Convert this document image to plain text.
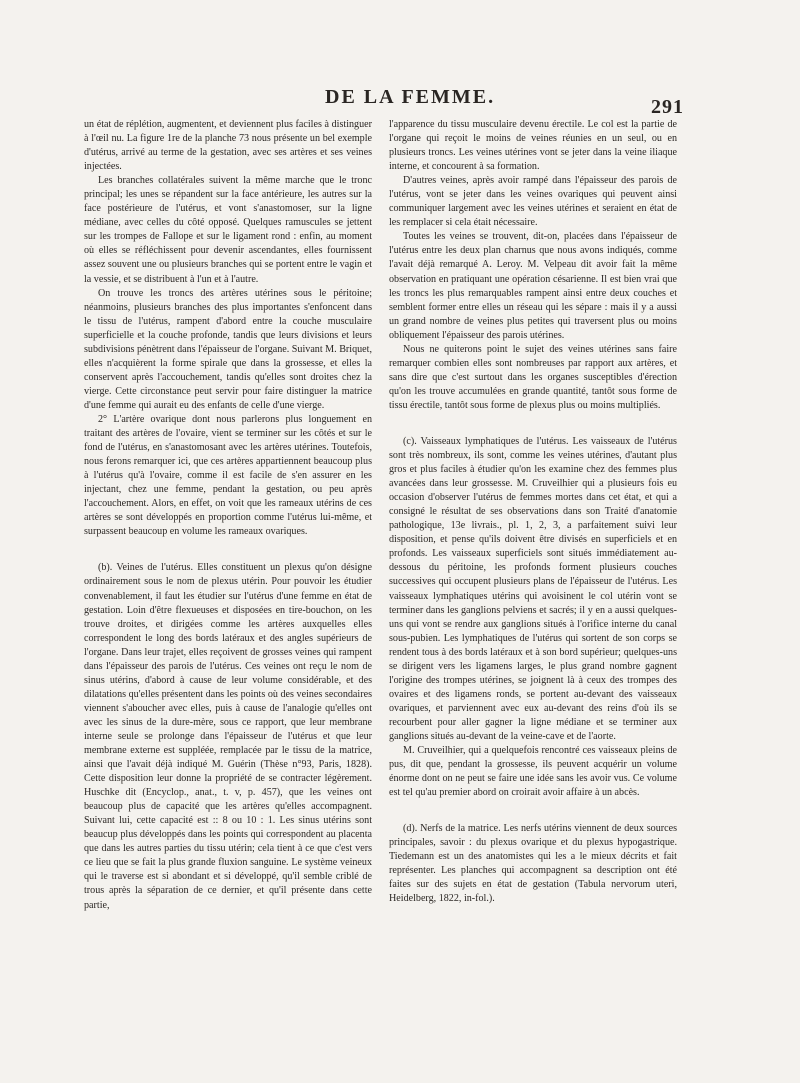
DE LA FEMME.	291

un état de réplétion, augmentent, et deviennent plus faciles à distinguer à l'œil nu. La figure 1re de la planche 73 nous présente un bel exemple d'utérus, arrivé au terme de la gestation, avec ses artères et ses veines injectées.

Les branches collatérales suivent la même marche que le tronc principal; les unes se répandent sur la face antérieure, les autres sur la face postérieure de l'utérus, et vont s'anastomoser, sur la ligne médiane, avec celles du côté opposé. Quelques ramuscules se jettent sur les trompes de Fallope et sur le ligament rond : enfin, au moment où elles se réfléchissent pour devenir ascendantes, elles fournissent assez souvent une ou plusieurs branches qui se portent entre le vagin et la vessie, et se distribuent à l'un et à l'autre.

On trouve les troncs des artères utérines sous le péritoine; néanmoins, plusieurs branches des plus importantes s'enfoncent dans le tissu de l'utérus, rampent d'abord entre la couche musculaire superficielle et la couche profonde, tandis que leurs divisions et leurs subdivisions pénètrent dans l'épaisseur de l'organe. Suivant M. Briquet, elles n'acquièrent la forme spirale que dans la grossesse, et elles la conservent après l'accouchement, tandis qu'elles sont droites chez la vierge. Cette circonstance peut servir pour faire distinguer la matrice d'une femme qui aurait eu des enfants de celle d'une vierge.

2° L'artère ovarique dont nous parlerons plus longuement en traitant des artères de l'ovaire, vient se terminer sur les côtés et sur le fond de l'utérus, en s'anastomosant avec les artères utérines. Toutefois, nous ferons remarquer ici, que ces artères appartiennent beaucoup plus à l'utérus qu'à l'ovaire, comme il est facile de s'en assurer en les injectant, chez une femme, pendant la gestation, ou peu après l'accouchement. Alors, en effet, on voit que les rameaux utérins de ces artères se sont développés en proportion comme l'utérus lui-même, et surpassent beaucoup en volume les rameaux ovariques.

(b). Veines de l'utérus. Elles constituent un plexus qu'on désigne ordinairement sous le nom de plexus utérin. Pour pouvoir les étudier convenablement, il faut les étudier sur l'utérus d'une femme en état de gestation. Loin d'être flexueuses et disposées en tire-bouchon, on les trouve droites, et dirigées comme les artères auxquelles elles correspondent le long des bords latéraux et des angles supérieurs de l'organe. Dans leur trajet, elles reçoivent de grosses veines qui rampent dans l'épaisseur des parois de l'utérus. Ces veines ont reçu le nom de sinus utérins, d'abord à cause de leur volume considérable, et des dilatations qu'elles présentent dans les points où des veines secondaires viennent s'aboucher avec elles, puis à cause de l'analogie qu'elles ont avec les sinus de la dure-mère, sous ce rapport, que leur membrane interne seule se prolonge dans l'épaisseur de l'utérus et que leur membrane externe est suppléée, remplacée par le tissu de la matrice, ainsi que l'avait déjà indiqué M. Guérin (Thèse n°93, Paris, 1828). Cette disposition leur donne la propriété de se contracter légèrement. Huschke dit (Encyclop., anat., t. v, p. 457), que les veines ont beaucoup plus de capacité que les artères qu'elles accompagnent. Suivant lui, cette capacité est :: 8 ou 10 : 1. Les sinus utérins sont beaucup plus développés dans les points qui correspondent au placenta que dans les autres parties du tissu utérin; cela tient à ce que c'est vers ce lieu que se fait la plus grande fluxion sanguine. Le système veineux qui le traverse est si abondant et si développé, qu'il semble criblé de trous après la séparation de ce dernier, et qu'il présente dans cette partie,

l'apparence du tissu musculaire devenu érectile. Le col est la partie de l'organe qui reçoit le moins de veines réunies en un seul, ou en plusieurs troncs. Les veines utérines vont se jeter dans la veine iliaque interne, et concourent à sa formation.

D'autres veines, après avoir rampé dans l'épaisseur des parois de l'utérus, vont se jeter dans les veines ovariques qui peuvent ainsi communiquer largement avec les veines utérines et seraient en état de les remplacer si cela était nécessaire.

Toutes les veines se trouvent, dit-on, placées dans l'épaisseur de l'utérus entre les deux plan charnus que nous avons indiqués, comme l'avait déjà remarqué A. Leroy. M. Velpeau dit avoir fait la même observation en pratiquant une opération césarienne. Il est bien vrai que les troncs les plus remarquables rampent ainsi entre deux couches et semblent former entre elles un réseau qui les sépare : mais il y a aussi un grand nombre de veines plus petites qui traversent plus ou moins obliquement l'épaisseur des parois utérines.

Nous ne quiterons point le sujet des veines utérines sans faire remarquer combien elles sont nombreuses par rapport aux artères, et sans dire que c'est surtout dans les organes susceptibles d'érection qu'on les trouve accumulées en grande quantité, tantôt sous forme de tissu érectile, tantôt sous forme de plexus plus ou moins multipliés.

(c). Vaisseaux lymphatiques de l'utérus. Les vaisseaux de l'utérus sont très nombreux, ils sont, comme les veines utérines, d'autant plus gros et plus faciles à étudier qu'on les examine chez des femmes plus avancées dans leur grossesse. M. Cruveilhier qui a plusieurs fois eu occasion d'observer l'utérus de femmes mortes dans cet état, et qui a consigné le résultat de ses observations dans son Traité d'anatomie pathologique, 13e livrais., pl. 1, 2, 3, a parfaitement suivi leur disposition, et pense qu'ils doivent être divisés en superficiels et en profonds. Les vaisseaux superficiels sont situés immédiatement au-dessous du péritoine, les profonds forment plusieurs couches successives qui occupent plusieurs plans de l'épaisseur de l'utérus. Les vaisseaux lymphatiques utérins qui avoisinent le col utérin vont se terminer dans les ganglions pelviens et sacrés; il y en a aussi quelques-uns qui vont se rendre aux ganglions situés à l'orifice interne du canal sous-pubien. Les lymphatiques de l'utérus qui sortent de son corps se rendent tous à des bords latéraux et à son bord supérieur; quelques-uns se dirigent vers les ligamens larges, le plus grand nombre gagnent l'origine des trompes utérines, se joignent là à ceux des trompes des ovaires et des ligamens ronds, se portent au-devant des vaisseaux ovariques, et parviennent avec eux au-devant des reins d'où ils se recourbent pour aller gagner la ligne médiane et se terminer aux ganglions situés au-devant de la veine-cave et de l'aorte.

M. Cruveilhier, qui a quelquefois rencontré ces vaisseaux pleins de pus, dit que, pendant la grossesse, ils peuvent acquérir un volume énorme dont on ne peut se faire une idée sans les avoir vus. Ce volume est tel qu'au premier abord on croirait avoir affaire à un abcès.

(d). Nerfs de la matrice. Les nerfs utérins viennent de deux sources principales, savoir : du plexus ovarique et du plexus hypogastrique. Tiedemann est un des anatomistes qui les a le mieux décrits et fait représenter. Les planches qui accompagnent sa description ont été faites sur des sujets en état de gestation (Tabula nervorum uteri, Heidelberg, 1822, in-fol.).
